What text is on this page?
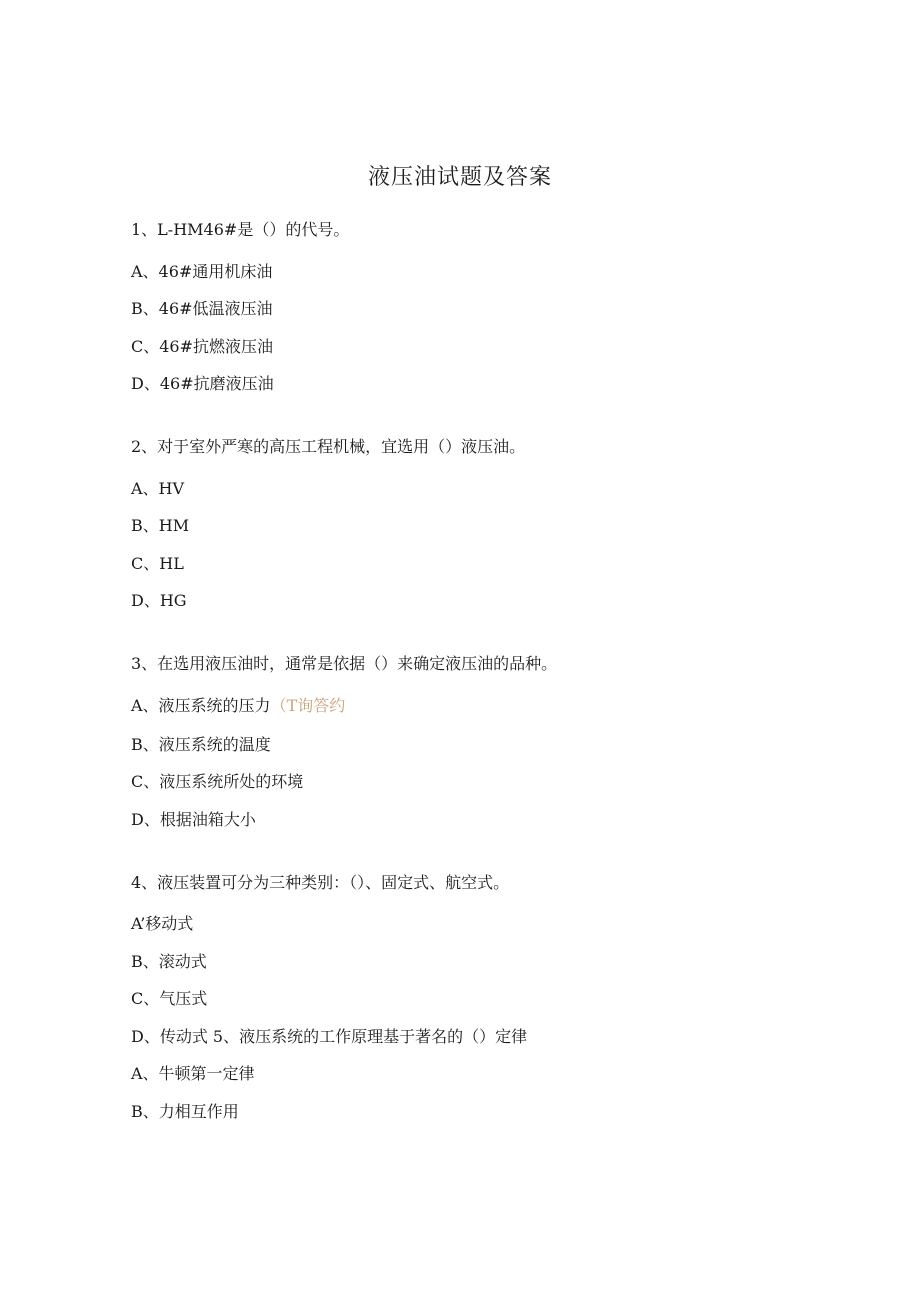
液压油试题及答案
1、L-HM46#是（）的代号。
A、46#通用机床油
B、46#低温液压油
C、46#抗燃液压油
D、46#抗磨液压油
2、对于室外严寒的高压工程机械，宜选用（）液压油。
A、HV
B、HM
C、HL
D、HG
3、在选用液压油时，通常是依据（）来确定液压油的品种。
A、液压系统的压力（T询答约
B、液压系统的温度
C、液压系统所处的环境
D、根据油箱大小
4、液压装置可分为三种类别：（）、固定式、航空式。
A’移动式
B、滚动式
C、气压式
D、传动式 5、液压系统的工作原理基于著名的（）定律
A、牛顿第一定律
B、力相互作用
